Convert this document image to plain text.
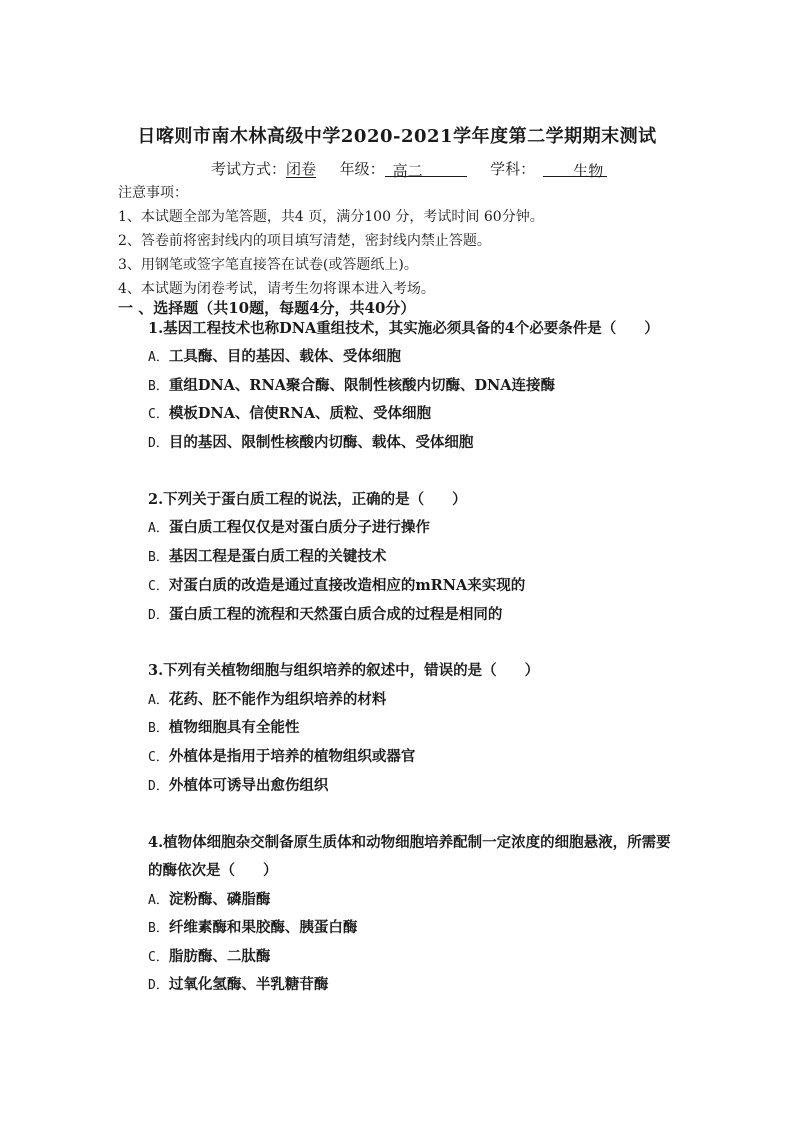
日喀则市南木林高级中学2020-2021学年度第二学期期末测试
考试方式：闭卷 年级： 高二	学科：	生物
注意事项：
1、本试题全部为笔答题，共4 页，满分100 分，考试时间 60分钟。
2、答卷前将密封线内的项目填写清楚，密封线内禁止答题。
3、用钢笔或签字笔直接答在试卷(或答题纸上)。
4、本试题为闭卷考试，请考生勿将课本进入考场。
一 、选择题（共10题，每题4分，共40分）
1.基因工程技术也称DNA重组技术，其实施必须具备的4个必要条件是（ ）
A．工具酶、目的基因、载体、受体细胞
B．重组DNA、RNA聚合酶、限制性核酸内切酶、DNA连接酶
C．模板DNA、信使RNA、质粒、受体细胞
D．目的基因、限制性核酸内切酶、载体、受体细胞
2.下列关于蛋白质工程的说法，正确的是（ ）
A．蛋白质工程仅仅是对蛋白质分子进行操作
B．基因工程是蛋白质工程的关键技术
C．对蛋白质的改造是通过直接改造相应的mRNA来实现的
D．蛋白质工程的流程和天然蛋白质合成的过程是相同的
3.下列有关植物细胞与组织培养的叙述中，错误的是（ ）
A．花药、胚不能作为组织培养的材料
B．植物细胞具有全能性
C．外植体是指用于培养的植物组织或器官
D．外植体可诱导出愈伤组织
4.植物体细胞杂交制备原生质体和动物细胞培养配制一定浓度的细胞悬液，所需要
的酶依次是（ ）
A．淀粉酶、磷脂酶
B．纤维素酶和果胶酶、胰蛋白酶
C．脂肪酶、二肽酶
D．过氧化氢酶、半乳糖苷酶
